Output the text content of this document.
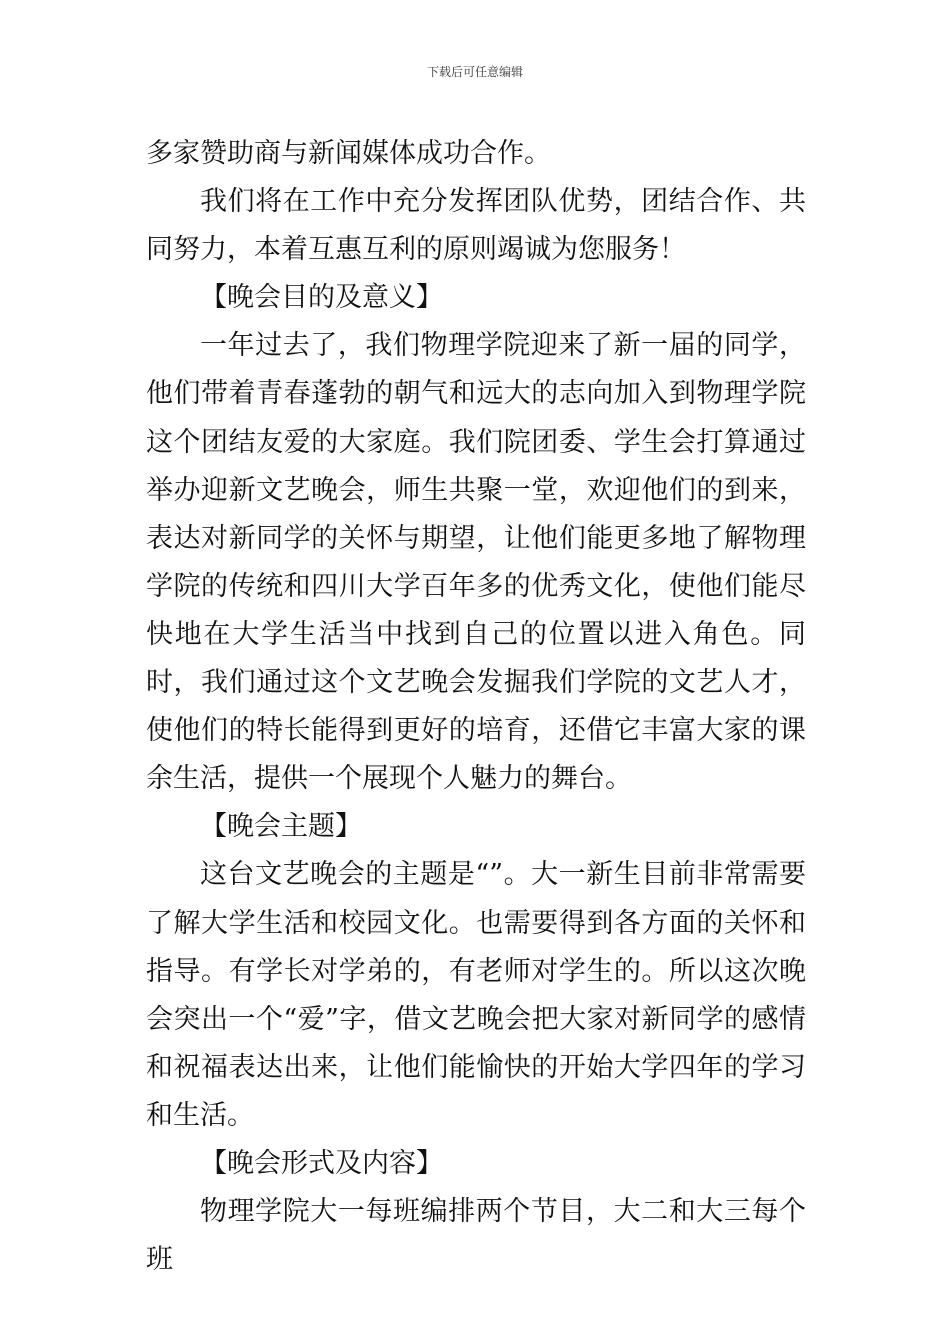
下载后可任意编辑

多家赞助商与新闻媒体成功合作。

我们将在工作中充分发挥团队优势，团结合作、共同努力，本着互惠互利的原则竭诚为您服务！

【晚会目的及意义】

一年过去了，我们物理学院迎来了新一届的同学，他们带着青春蓬勃的朝气和远大的志向加入到物理学院这个团结友爱的大家庭。我们院团委、学生会打算通过举办迎新文艺晚会，师生共聚一堂，欢迎他们的到来，表达对新同学的关怀与期望，让他们能更多地了解物理学院的传统和四川大学百年多的优秀文化，使他们能尽快地在大学生活当中找到自己的位置以进入角色。同时，我们通过这个文艺晚会发掘我们学院的文艺人才，使他们的特长能得到更好的培育，还借它丰富大家的课余生活，提供一个展现个人魅力的舞台。

【晚会主题】

这台文艺晚会的主题是“”。大一新生目前非常需要了解大学生活和校园文化。也需要得到各方面的关怀和指导。有学长对学弟的，有老师对学生的。所以这次晚会突出一个“爱”字，借文艺晚会把大家对新同学的感情和祝福表达出来，让他们能愉快的开始大学四年的学习和生活。

【晚会形式及内容】

物理学院大一每班编排两个节目，大二和大三每个班
